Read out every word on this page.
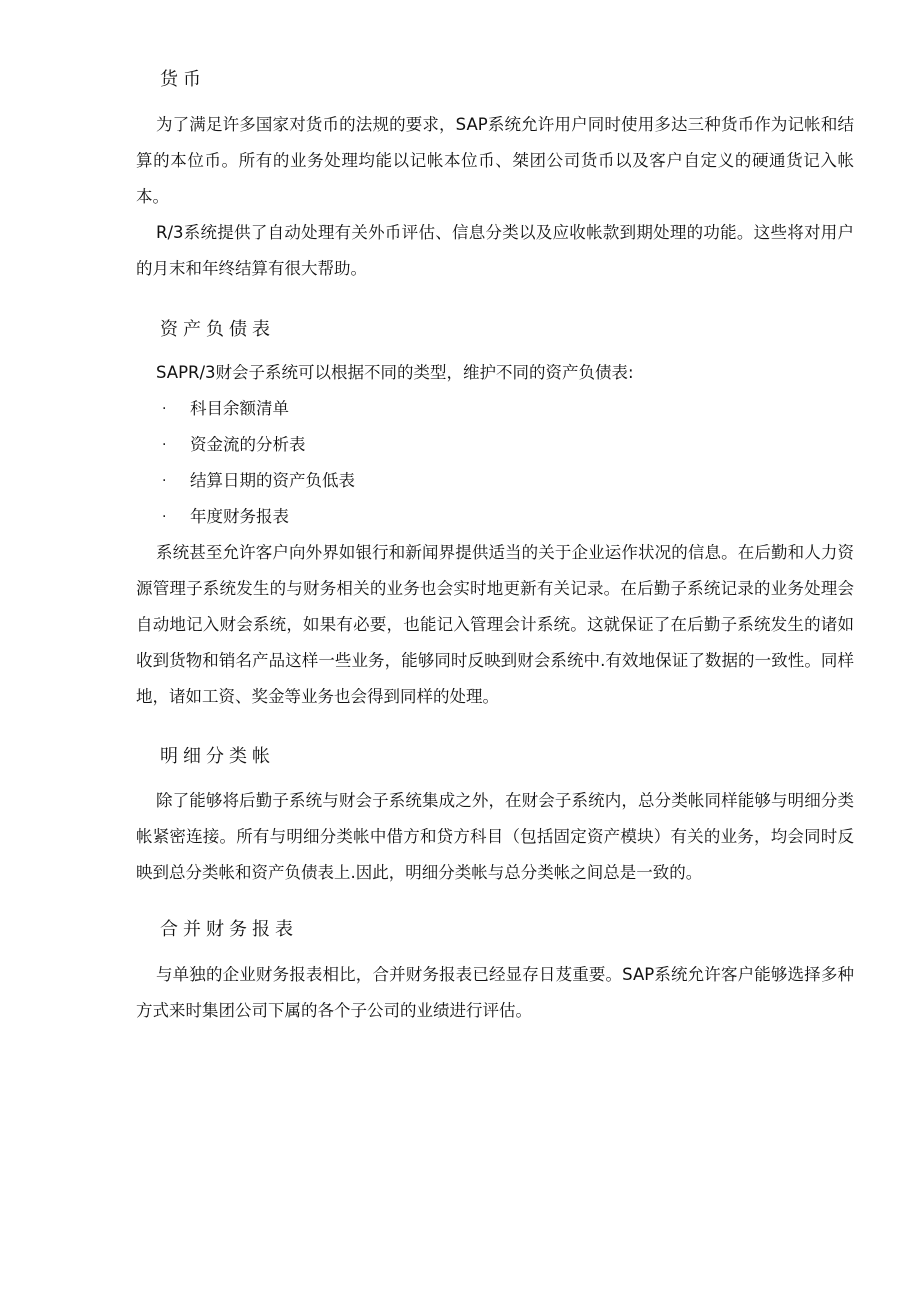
货币

为了满足许多国家对货币的法规的要求，SAP系统允许用户同时使用多达三种货币作为记帐和结算的本位币。所有的业务处理均能以记帐本位币、桀团公司货币以及客户自定义的硬通货记入帐本。

R/3系统提供了自动处理有关外币评估、信息分类以及应收帐款到期处理的功能。这些将对用户的月末和年终结算有很大帮助。

资产负债表

SAPR/3财会子系统可以根据不同的类型，维护不同的资产负债表:

· 科目余额清单
· 资金流的分析表
· 结算日期的资产负低表
· 年度财务报表

系统甚至允许客户向外界如银行和新闻界提供适当的关于企业运作状况的信息。在后勤和人力资源管理子系统发生的与财务相关的业务也会实时地更新有关记录。在后勤子系统记录的业务处理会自动地记入财会系统，如果有必要，也能记入管理会计系统。这就保证了在后勤子系统发生的诸如收到货物和销名产品这样一些业务，能够同时反映到财会系统中.有效地保证了数据的一致性。同样地，诸如工资、奖金等业务也会得到同样的处理。

明细分类帐

除了能够将后勤子系统与财会子系统集成之外，在财会子系统内，总分类帐同样能够与明细分类帐紧密连接。所有与明细分类帐中借方和贷方科目（包括固定资产模块）有关的业务，均会同时反映到总分类帐和资产负债表上.因此，明细分类帐与总分类帐之间总是一致的。

合并财务报表

与单独的企业财务报表相比，合并财务报表已经显存日芨重要。SAP系统允许客户能够选择多种方式来时集团公司下属的各个子公司的业绩进行评估。
